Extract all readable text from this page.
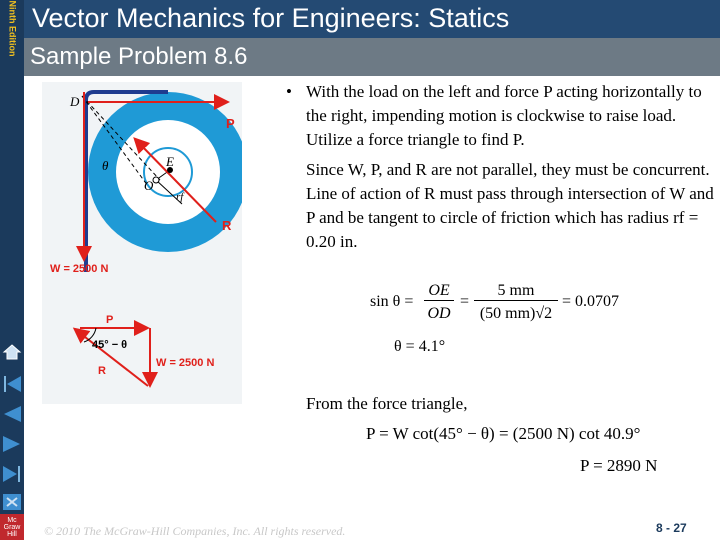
Ninth Edition Vector Mechanics for Engineers: Statics
Sample Problem 8.6
D
P
θ	E
O
rf
R
W = 2500 N
P
45° − θ
W = 2500 N
R
• With the load on the left and force P acting horizontally to the right, impending motion is clockwise to raise load. Utilize a force triangle to find P.
Since W, P, and R are not parallel, they must be concurrent. Line of action of R must pass through intersection of W and P and be tangent to circle of friction which has radius rf = 0.20 in.
sin θ =
OE
OD
=
5 mm
(50 mm)√2
= 0.0707
θ = 4.1°
From the force triangle,
P = W cot(45° − θ) = (2500 N) cot 40.9°
P = 2890 N
© 2010 The McGraw-Hill Companies, Inc. All rights reserved.	8 - 27
Mc Graw Hill
